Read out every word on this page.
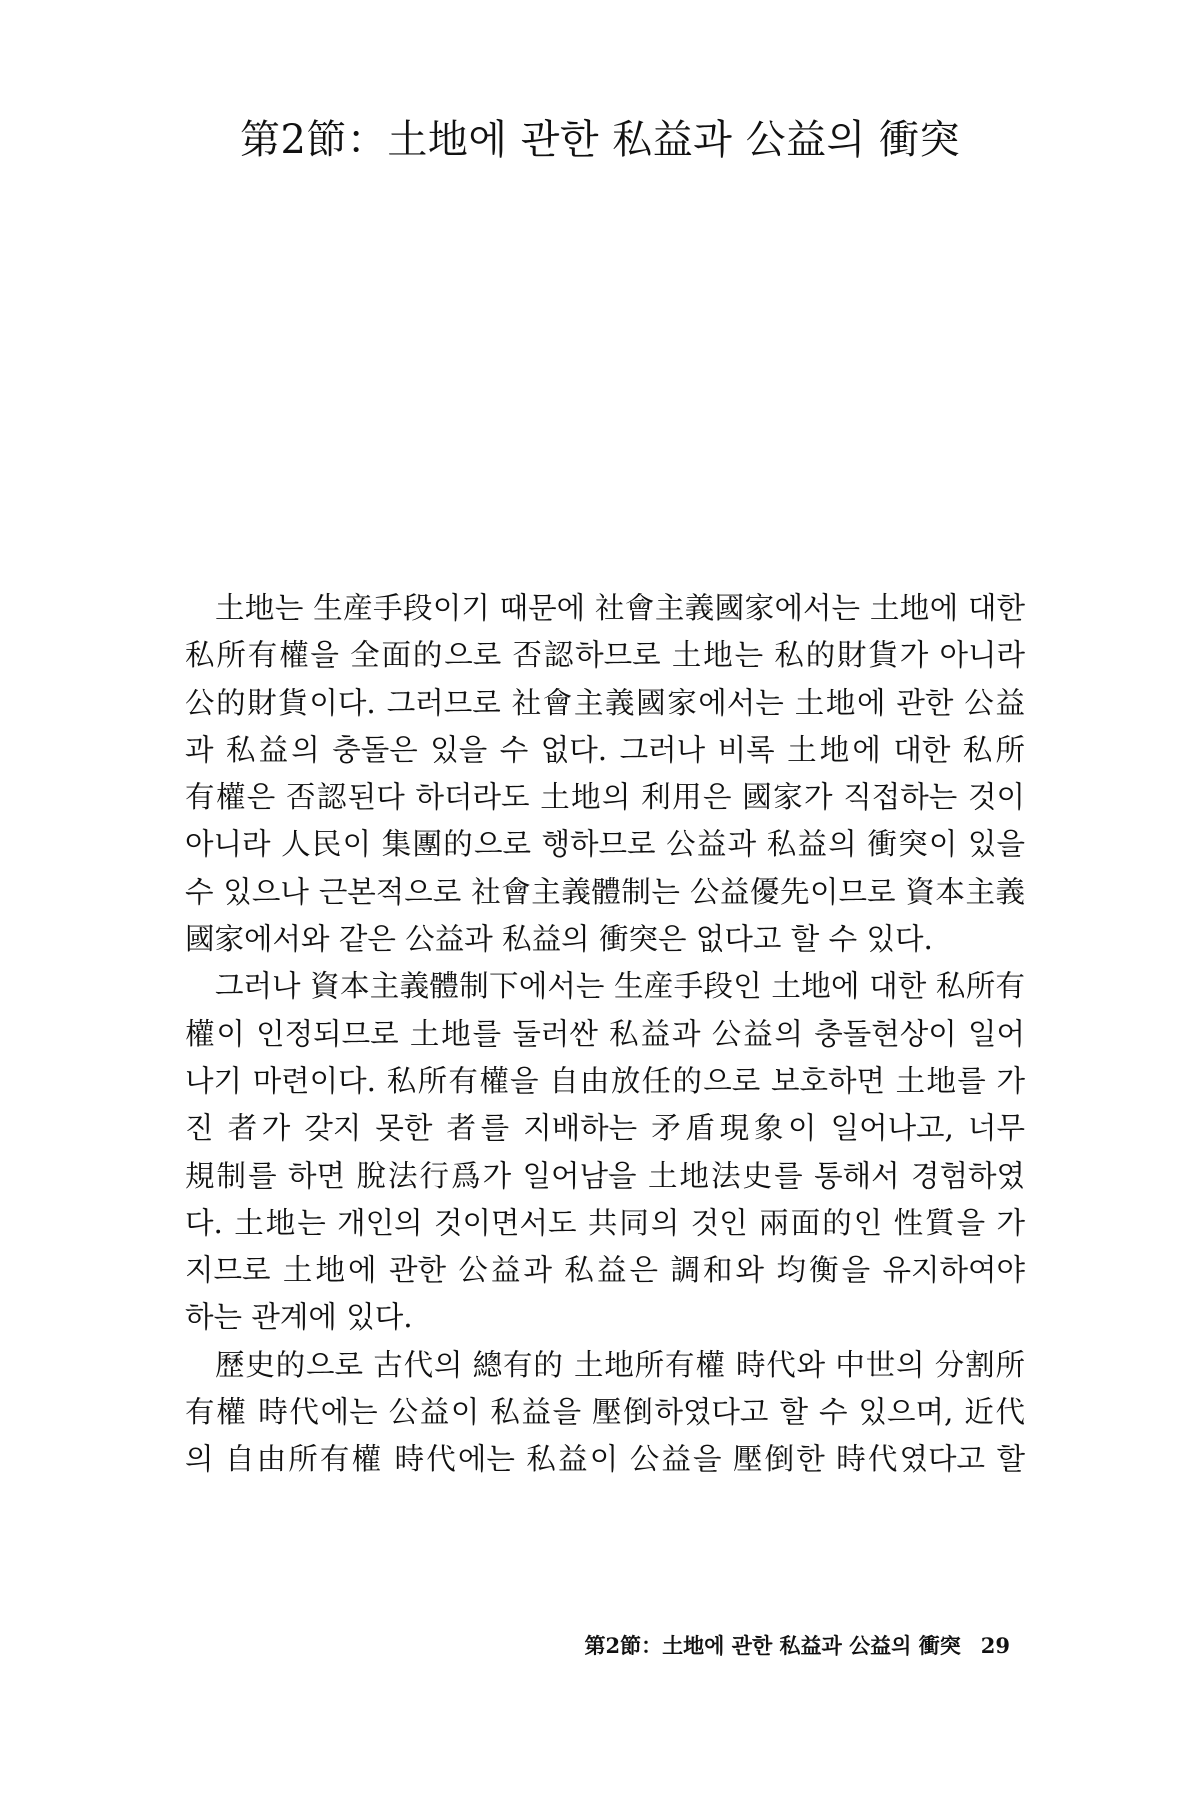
第2節：土地에 관한 私益과 公益의 衝突
土地는 生産手段이기 때문에 社會主義國家에서는 土地에 대한
私所有權을 全面的으로 否認하므로 土地는 私的財貨가 아니라
公的財貨이다. 그러므로 社會主義國家에서는 土地에 관한 公益
과 私益의 충돌은 있을 수 없다. 그러나 비록 土地에 대한 私所
有權은 否認된다 하더라도 土地의 利用은 國家가 직접하는 것이
아니라 人民이 集團的으로 행하므로 公益과 私益의 衝突이 있을
수 있으나 근본적으로 社會主義體制는 公益優先이므로 資本主義
國家에서와 같은 公益과 私益의 衝突은 없다고 할 수 있다.
그러나 資本主義體制下에서는 生産手段인 土地에 대한 私所有
權이 인정되므로 土地를 둘러싼 私益과 公益의 충돌현상이 일어
나기 마련이다. 私所有權을 自由放任的으로 보호하면 土地를 가
진 者가 갖지 못한 者를 지배하는 矛盾現象이 일어나고, 너무
規制를 하면 脫法行爲가 일어남을 土地法史를 통해서 경험하였
다. 土地는 개인의 것이면서도 共同의 것인 兩面的인 性質을 가
지므로 土地에 관한 公益과 私益은 調和와 均衡을 유지하여야
하는 관계에 있다.
歷史的으로 古代의 總有的 土地所有權 時代와 中世의 分割所
有權 時代에는 公益이 私益을 壓倒하였다고 할 수 있으며, 近代
의 自由所有權 時代에는 私益이 公益을 壓倒한 時代였다고 할
第2節：土地에 관한 私益과 公益의 衝突 29
